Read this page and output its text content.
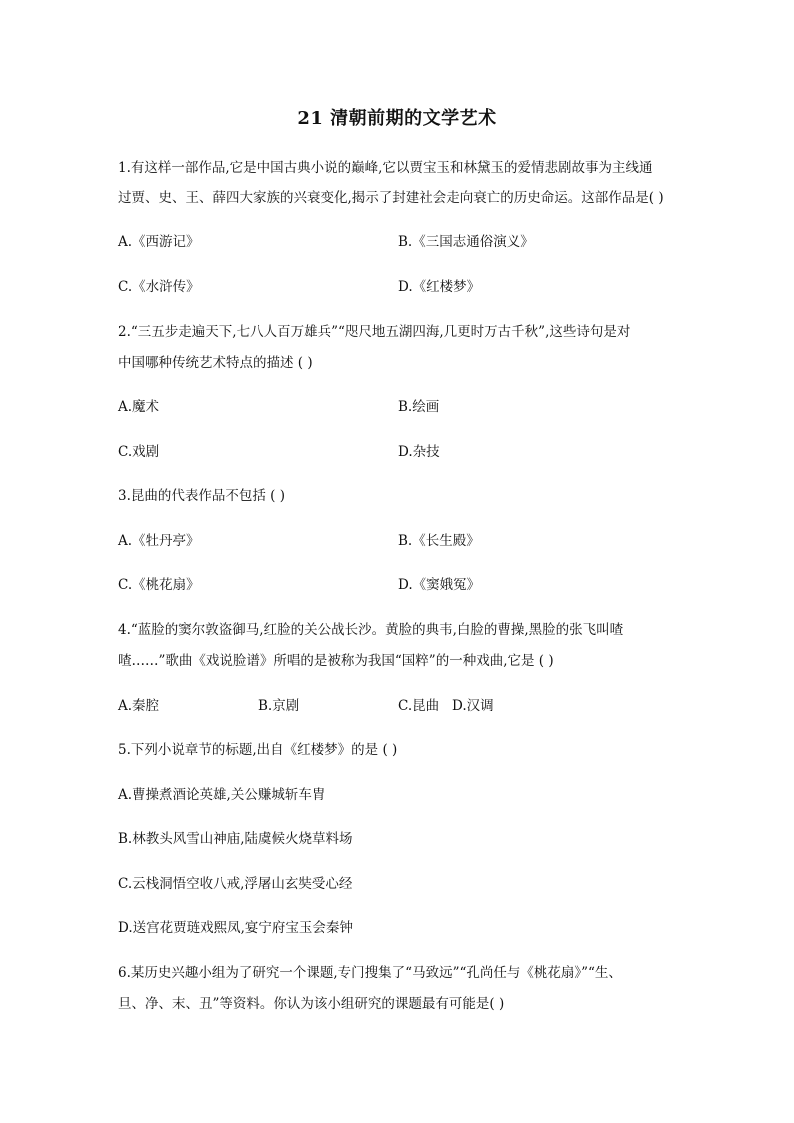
21 清朝前期的文学艺术
1.有这样一部作品,它是中国古典小说的巅峰,它以贾宝玉和林黛玉的爱情悲剧故事为主线通
过贾、史、王、薛四大家族的兴衰变化,揭示了封建社会走向衰亡的历史命运。这部作品是( )
A.《西游记》	B.《三国志通俗演义》
C.《水浒传》	D.《红楼梦》
2.“三五步走遍天下,七八人百万雄兵”“咫尺地五湖四海,几更时万古千秋”,这些诗句是对
中国哪种传统艺术特点的描述 ( )
A.魔术	B.绘画
C.戏剧	D.杂技
3.昆曲的代表作品不包括 ( )
A.《牡丹亭》	B.《长生殿》
C.《桃花扇》	D.《窦娥冤》
4.“蓝脸的窦尔敦盗御马,红脸的关公战长沙。黄脸的典韦,白脸的曹操,黑脸的张飞叫喳
喳……”歌曲《戏说脸谱》所唱的是被称为我国“国粹”的一种戏曲,它是 ( )
A.秦腔	B.京剧	C.昆曲 D.汉调
5.下列小说章节的标题,出自《红楼梦》的是 ( )
A.曹操煮酒论英雄,关公赚城斩车胄
B.林教头风雪山神庙,陆虞候火烧草料场
C.云栈洞悟空收八戒,浮屠山玄奘受心经
D.送宫花贾琏戏熙凤,宴宁府宝玉会秦钟
6.某历史兴趣小组为了研究一个课题,专门搜集了“马致远”“孔尚任与《桃花扇》”“生、
旦、净、末、丑”等资料。你认为该小组研究的课题最有可能是( )
